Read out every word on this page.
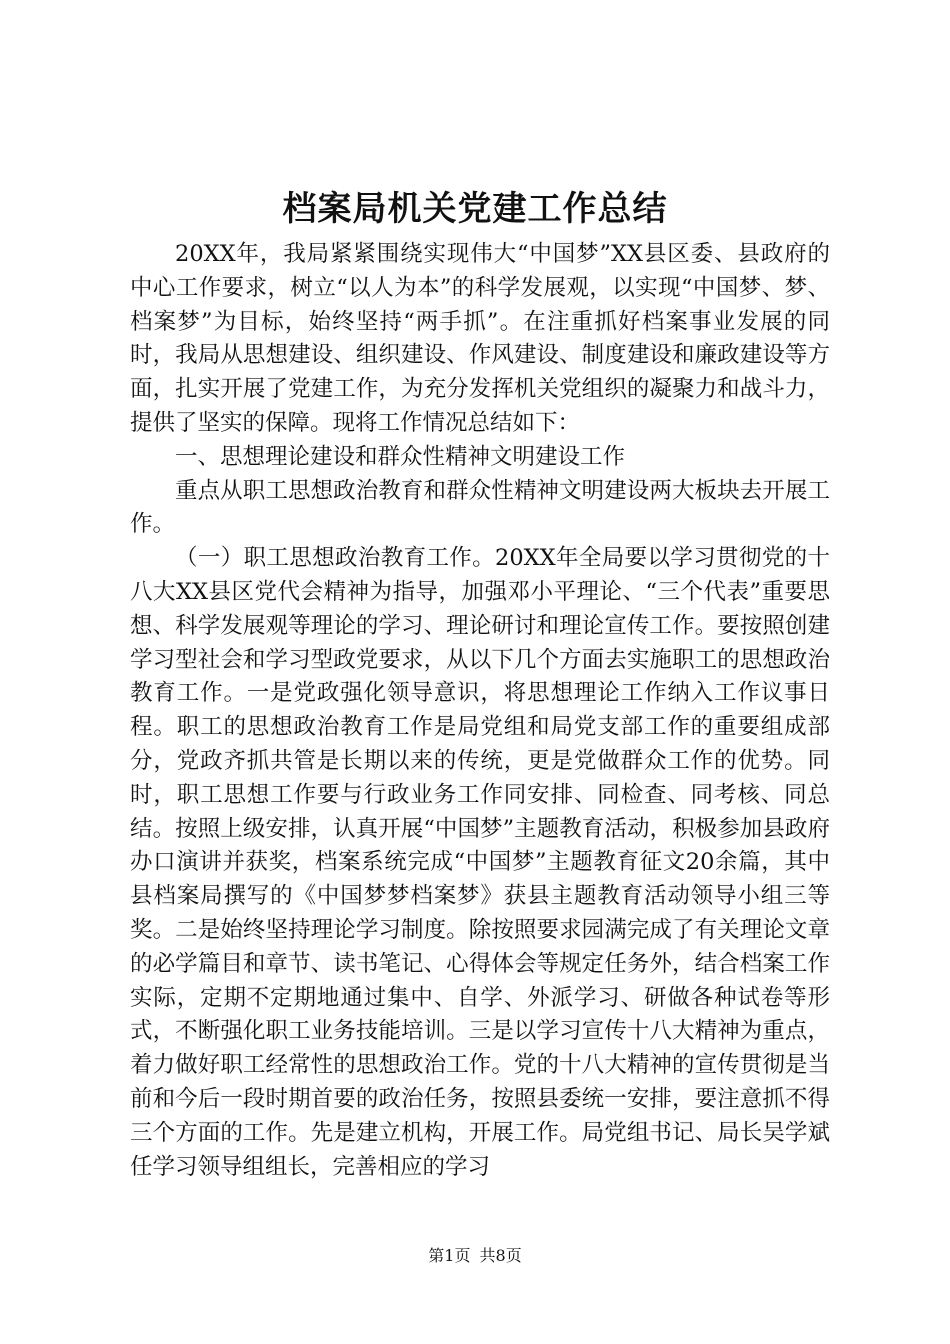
档案局机关党建工作总结

20XX年，我局紧紧围绕实现伟大“中国梦”XX县区委、县政府的中心工作要求，树立“以人为本”的科学发展观，以实现“中国梦、梦、档案梦”为目标，始终坚持“两手抓”。在注重抓好档案事业发展的同时，我局从思想建设、组织建设、作风建设、制度建设和廉政建设等方面，扎实开展了党建工作，为充分发挥机关党组织的凝聚力和战斗力，提供了坚实的保障。现将工作情况总结如下：

一、思想理论建设和群众性精神文明建设工作

重点从职工思想政治教育和群众性精神文明建设两大板块去开展工作。

（一）职工思想政治教育工作。20XX年全局要以学习贯彻党的十八大XX县区党代会精神为指导，加强邓小平理论、“三个代表”重要思想、科学发展观等理论的学习、理论研讨和理论宣传工作。要按照创建学习型社会和学习型政党要求，从以下几个方面去实施职工的思想政治教育工作。一是党政强化领导意识，将思想理论工作纳入工作议事日程。职工的思想政治教育工作是局党组和局党支部工作的重要组成部分，党政齐抓共管是长期以来的传统，更是党做群众工作的优势。同时，职工思想工作要与行政业务工作同安排、同检查、同考核、同总结。按照上级安排，认真开展“中国梦”主题教育活动，积极参加县政府办口演讲并获奖，档案系统完成“中国梦”主题教育征文20余篇，其中县档案局撰写的《中国梦梦档案梦》获县主题教育活动领导小组三等奖。二是始终坚持理论学习制度。除按照要求园满完成了有关理论文章的必学篇目和章节、读书笔记、心得体会等规定任务外，结合档案工作实际，定期不定期地通过集中、自学、外派学习、研做各种试卷等形式，不断强化职工业务技能培训。三是以学习宣传十八大精神为重点，着力做好职工经常性的思想政治工作。党的十八大精神的宣传贯彻是当前和今后一段时期首要的政治任务，按照县委统一安排，要注意抓不得三个方面的工作。先是建立机构，开展工作。局党组书记、局长吴学斌任学习领导组组长，完善相应的学习

第1页 共8页
